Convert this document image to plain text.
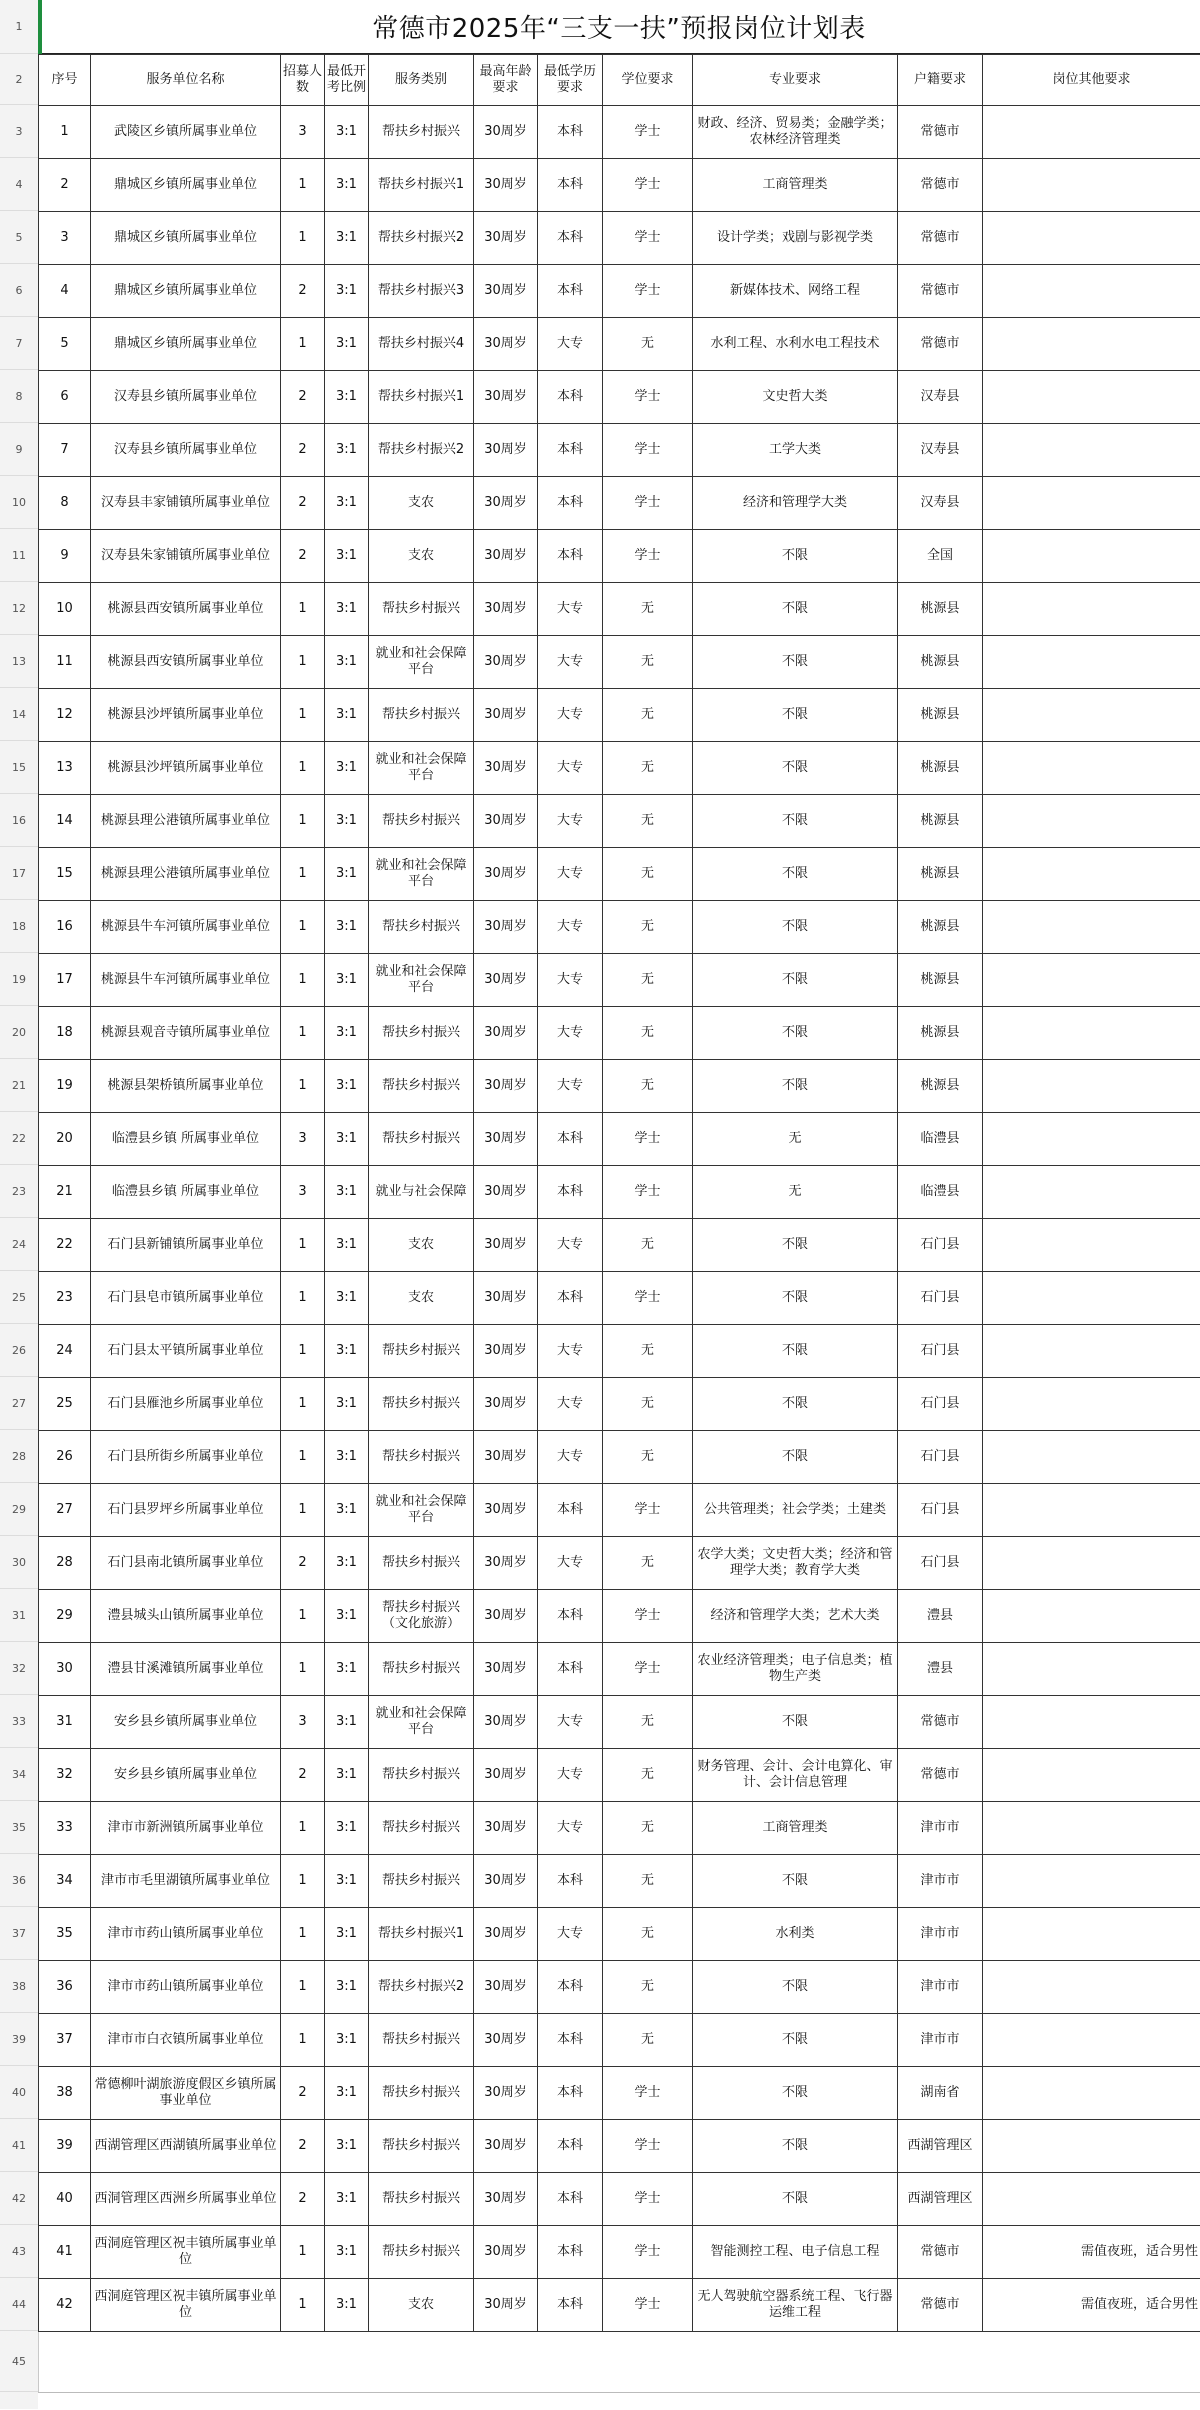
1
2
3
4
5
6
7
8
9
10
11
12
13
14
15
16
17
18
19
20
21
22
23
24
25
26
27
28
29
30
31
32
33
34
35
36
37
38
39
40
41
42
43
44
45
常德市2025年“三支一扶”预报岗位计划表
序号	服务单位名称	招募人数	最低开考比例	服务类别	最高年龄要求	最低学历要求	学位要求	专业要求	户籍要求	岗位其他要求
1	武陵区乡镇所属事业单位	3	3:1	帮扶乡村振兴	30周岁	本科	学士	财政、经济、贸易类；金融学类；农林经济管理类	常德市	
2	鼎城区乡镇所属事业单位	1	3:1	帮扶乡村振兴1	30周岁	本科	学士	工商管理类	常德市	
3	鼎城区乡镇所属事业单位	1	3:1	帮扶乡村振兴2	30周岁	本科	学士	设计学类；戏剧与影视学类	常德市	
4	鼎城区乡镇所属事业单位	2	3:1	帮扶乡村振兴3	30周岁	本科	学士	新媒体技术、网络工程	常德市	
5	鼎城区乡镇所属事业单位	1	3:1	帮扶乡村振兴4	30周岁	大专	无	水利工程、水利水电工程技术	常德市	
6	汉寿县乡镇所属事业单位	2	3:1	帮扶乡村振兴1	30周岁	本科	学士	文史哲大类	汉寿县	
7	汉寿县乡镇所属事业单位	2	3:1	帮扶乡村振兴2	30周岁	本科	学士	工学大类	汉寿县	
8	汉寿县丰家铺镇所属事业单位	2	3:1	支农	30周岁	本科	学士	经济和管理学大类	汉寿县	
9	汉寿县朱家铺镇所属事业单位	2	3:1	支农	30周岁	本科	学士	不限	全国	
10	桃源县西安镇所属事业单位	1	3:1	帮扶乡村振兴	30周岁	大专	无	不限	桃源县	
11	桃源县西安镇所属事业单位	1	3:1	就业和社会保障平台	30周岁	大专	无	不限	桃源县	
12	桃源县沙坪镇所属事业单位	1	3:1	帮扶乡村振兴	30周岁	大专	无	不限	桃源县	
13	桃源县沙坪镇所属事业单位	1	3:1	就业和社会保障平台	30周岁	大专	无	不限	桃源县	
14	桃源县理公港镇所属事业单位	1	3:1	帮扶乡村振兴	30周岁	大专	无	不限	桃源县	
15	桃源县理公港镇所属事业单位	1	3:1	就业和社会保障平台	30周岁	大专	无	不限	桃源县	
16	桃源县牛车河镇所属事业单位	1	3:1	帮扶乡村振兴	30周岁	大专	无	不限	桃源县	
17	桃源县牛车河镇所属事业单位	1	3:1	就业和社会保障平台	30周岁	大专	无	不限	桃源县	
18	桃源县观音寺镇所属事业单位	1	3:1	帮扶乡村振兴	30周岁	大专	无	不限	桃源县	
19	桃源县架桥镇所属事业单位	1	3:1	帮扶乡村振兴	30周岁	大专	无	不限	桃源县	
20	临澧县乡镇 所属事业单位	3	3:1	帮扶乡村振兴	30周岁	本科	学士	无	临澧县	
21	临澧县乡镇 所属事业单位	3	3:1	就业与社会保障	30周岁	本科	学士	无	临澧县	
22	石门县新铺镇所属事业单位	1	3:1	支农	30周岁	大专	无	不限	石门县	
23	石门县皂市镇所属事业单位	1	3:1	支农	30周岁	本科	学士	不限	石门县	
24	石门县太平镇所属事业单位	1	3:1	帮扶乡村振兴	30周岁	大专	无	不限	石门县	
25	石门县雁池乡所属事业单位	1	3:1	帮扶乡村振兴	30周岁	大专	无	不限	石门县	
26	石门县所街乡所属事业单位	1	3:1	帮扶乡村振兴	30周岁	大专	无	不限	石门县	
27	石门县罗坪乡所属事业单位	1	3:1	就业和社会保障平台	30周岁	本科	学士	公共管理类；社会学类；土建类	石门县	
28	石门县南北镇所属事业单位	2	3:1	帮扶乡村振兴	30周岁	大专	无	农学大类；文史哲大类；经济和管理学大类；教育学大类	石门县	
29	澧县城头山镇所属事业单位	1	3:1	帮扶乡村振兴（文化旅游）	30周岁	本科	学士	经济和管理学大类；艺术大类	澧县	
30	澧县甘溪滩镇所属事业单位	1	3:1	帮扶乡村振兴	30周岁	本科	学士	农业经济管理类；电子信息类；植物生产类	澧县	
31	安乡县乡镇所属事业单位	3	3:1	就业和社会保障平台	30周岁	大专	无	不限	常德市	
32	安乡县乡镇所属事业单位	2	3:1	帮扶乡村振兴	30周岁	大专	无	财务管理、会计、会计电算化、审计、会计信息管理	常德市	
33	津市市新洲镇所属事业单位	1	3:1	帮扶乡村振兴	30周岁	大专	无	工商管理类	津市市	
34	津市市毛里湖镇所属事业单位	1	3:1	帮扶乡村振兴	30周岁	本科	无	不限	津市市	
35	津市市药山镇所属事业单位	1	3:1	帮扶乡村振兴1	30周岁	大专	无	水利类	津市市	
36	津市市药山镇所属事业单位	1	3:1	帮扶乡村振兴2	30周岁	本科	无	不限	津市市	
37	津市市白衣镇所属事业单位	1	3:1	帮扶乡村振兴	30周岁	本科	无	不限	津市市	
38	常德柳叶湖旅游度假区乡镇所属事业单位	2	3:1	帮扶乡村振兴	30周岁	本科	学士	不限	湖南省	
39	西湖管理区西湖镇所属事业单位	2	3:1	帮扶乡村振兴	30周岁	本科	学士	不限	西湖管理区	
40	西洞管理区西洲乡所属事业单位	2	3:1	帮扶乡村振兴	30周岁	本科	学士	不限	西湖管理区	
41	西洞庭管理区祝丰镇所属事业单位	1	3:1	帮扶乡村振兴	30周岁	本科	学士	智能测控工程、电子信息工程	常德市	需值夜班，适合男性
42	西洞庭管理区祝丰镇所属事业单位	1	3:1	支农	30周岁	本科	学士	无人驾驶航空器系统工程、飞行器运维工程	常德市	需值夜班，适合男性
